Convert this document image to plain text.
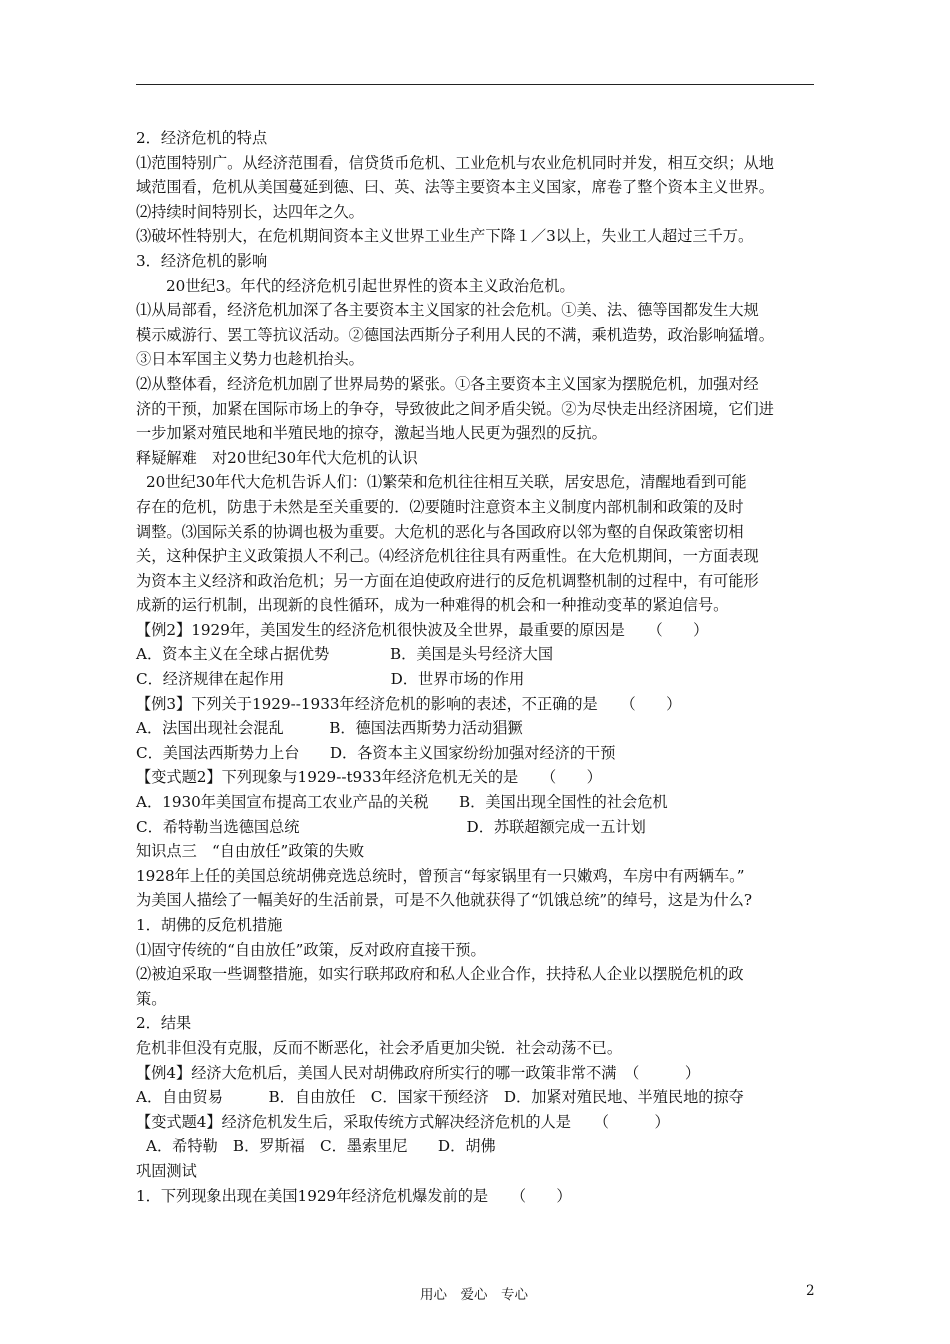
2．经济危机的特点
⑴范围特别广。从经济范围看，信贷货币危机、工业危机与农业危机同时并发，相互交织；从地
域范围看，危机从美国蔓延到德、曰、英、法等主要资本主义国家，席卷了整个资本主义世界。
⑵持续时间特别长，达四年之久。
⑶破坏性特别大，在危机期间资本主义世界工业生产下降１／3以上，失业工人超过三千万。
3．经济危机的影响
20世纪3。年代的经济危机引起世界性的资本主义政治危机。
⑴从局部看，经济危机加深了各主要资本主义国家的社会危机。①美、法、德等国都发生大规
模示威游行、罢工等抗议活动。②德国法西斯分子利用人民的不满，乘机造势，政治影响猛增。
③日本军国主义势力也趁机抬头。
⑵从整体看，经济危机加剧了世界局势的紧张。①各主要资本主义国家为摆脱危机，加强对经
济的干预，加紧在国际市场上的争夺，导致彼此之间矛盾尖锐。②为尽快走出经济困境，它们进
一步加紧对殖民地和半殖民地的掠夺，激起当地人民更为强烈的反抗。
释疑解难　对20世纪30年代大危机的认识
20世纪30年代大危机告诉人们：⑴繁荣和危机往往相互关联，居安思危，清醒地看到可能
存在的危机，防患于未然是至关重要的．⑵要随时注意资本主义制度内部机制和政策的及时
调整。⑶国际关系的协调也极为重要。大危机的恶化与各国政府以邻为壑的自保政策密切相
关，这种保护主义政策损人不利己。⑷经济危机往往具有两重性。在大危机期间，一方面表现
为资本主义经济和政治危机；另一方面在迫使政府进行的反危机调整机制的过程中，有可能形
成新的运行机制，出现新的良性循环，成为一种难得的机会和一种推动变革的紧迫信号。
【例2】1929年，美国发生的经济危机很快波及全世界，最重要的原因是　　（　　）
A．资本主义在全球占据优势　　　　B．美国是头号经济大国
C．经济规律在起作用　　　　　　　D．世界市场的作用
【例3】下列关于1929--1933年经济危机的影响的表述，不正确的是　　（　　）
A．法国出现社会混乱　　　B．德国法西斯势力活动猖獗
C．美国法西斯势力上台　　D．各资本主义国家纷纷加强对经济的干预
【变式题2】下列现象与1929--t933年经济危机无关的是　　（　　）
A．1930年美国宣布提高工农业产品的关税　　B．美国出现全国性的社会危机
C．希特勒当选德国总统　　　　　　　　　　　D．苏联超额完成一五计划
知识点三　“自由放任”政策的失败
1928年上任的美国总统胡佛竞选总统时，曾预言“每家锅里有一只嫩鸡，车房中有两辆车。”
为美国人描绘了一幅美好的生活前景，可是不久他就获得了“饥饿总统”的绰号，这是为什么?
1．胡佛的反危机措施
⑴固守传统的“自由放任”政策，反对政府直接干预。
⑵被迫采取一些调整措施，如实行联邦政府和私人企业合作，扶持私人企业以摆脱危机的政
策。
2．结果
危机非但没有克服，反而不断恶化，社会矛盾更加尖锐．社会动荡不已。
【例4】经济大危机后，美国人民对胡佛政府所实行的哪一政策非常不满　（　　　）
A．自由贸易　　　B．自由放任　C．国家干预经济　D．加紧对殖民地、半殖民地的掠夺
【变式题4】经济危机发生后，采取传统方式解决经济危机的人是　　（　　　）
A．希特勒　B．罗斯福　C．墨索里尼　　D．胡佛
巩固测试
1．下列现象出现在美国1929年经济危机爆发前的是　　（　　）
用心　爱心　专心	2
